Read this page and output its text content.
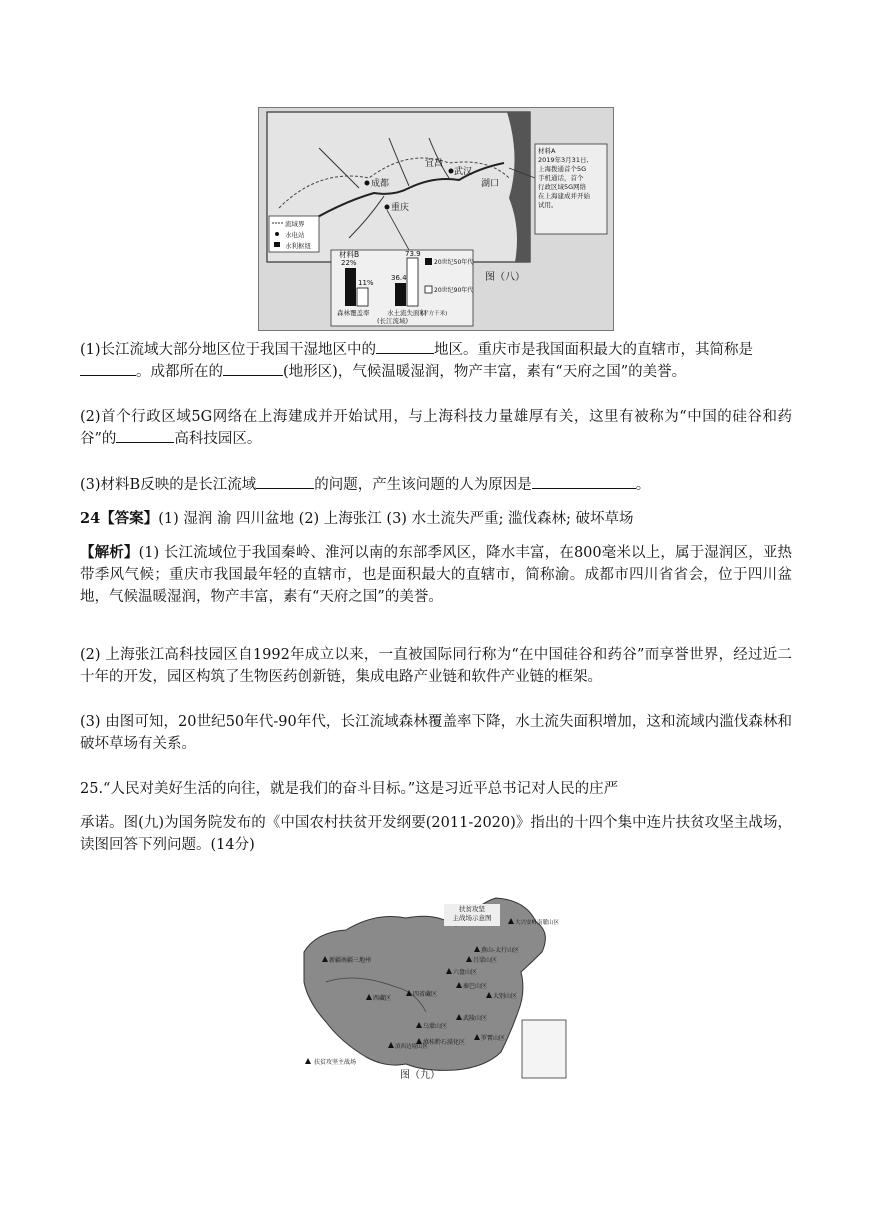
成都
重庆
武汉
湖口
宜昌
流域界
水电站
水利枢纽
22%
11%
36.4
73.9
材料B
森林覆盖率	水土流失面积
(平方千米)
(长江流域)
20世纪50年代
20世纪90年代
图（八）
材料A
2019年3月31日,
上海拨通首个5G
手机通话，首个
行政区域5G网络
在上海建成并开始
试用。

(1)长江流域大部分地区位于我国干湿地区中的	地区。重庆市是我国面积最大的直辖市，其简称是
。成都所在的	(地形区)，气候温暖湿润，物产丰富，素有“天府之国”的美誉。

(2)首个行政区域5G网络在上海建成并开始试用，与上海科技力量雄厚有关，这里有被称为“中国的硅谷和药谷”的	高科技园区。

(3)材料B反映的是长江流域	的问题，产生该问题的人为原因是	。

24【答案】(1) 湿润 渝 四川盆地 (2) 上海张江 (3) 水土流失严重; 滥伐森林; 破坏草场

【解析】(1) 长江流域位于我国秦岭、淮河以南的东部季风区，降水丰富，在800毫米以上，属于湿润区，亚热带季风气候；重庆市我国最年轻的直辖市，也是面积最大的直辖市，简称渝。成都市四川省省会，位于四川盆地，气候温暖湿润，物产丰富，素有“天府之国”的美誉。

(2) 上海张江高科技园区自1992年成立以来，一直被国际同行称为“在中国硅谷和药谷”而享誉世界，经过近二十年的开发，园区构筑了生物医药创新链，集成电路产业链和软件产业链的框架。

(3) 由图可知，20世纪50年代-90年代，长江流域森林覆盖率下降，水土流失面积增加，这和流域内滥伐森林和破坏草场有关系。

25.“人民对美好生活的向往，就是我们的奋斗目标。”这是习近平总书记对人民的庄严

承诺。图(九)为国务院发布的《中国农村扶贫开发纲要(2011-2020)》指出的十四个集中连片扶贫攻坚主战场，读图回答下列问题。(14分)

图（九）
扶贫攻坚主战场
新疆南疆三地州
西藏区
四省藏区
六盘山区
吕梁山区
燕山-太行山区
大别山区
秦巴山区
武陵山区
乌蒙山区
滇桂黔石漠化区
滇西边境山区
罗霄山区
大兴安岭南麓山区
扶贫攻坚
主战场示意图
